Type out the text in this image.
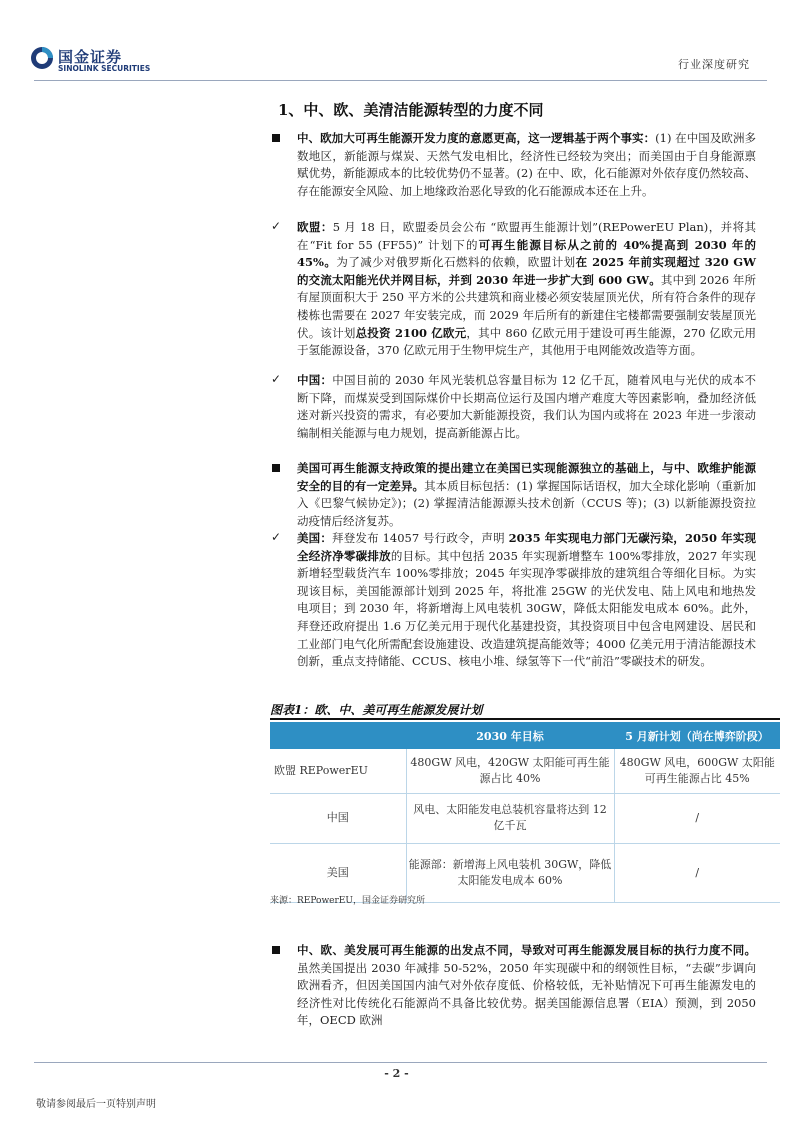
国金证券
SINOLINK SECURITIES	行业深度研究
1、中、欧、美清洁能源转型的力度不同
中、欧加大可再生能源开发力度的意愿更高，这一逻辑基于两个事实：(1) 在中国及欧洲多数地区，新能源与煤炭、天然气发电相比，经济性已经较为突出；而美国由于自身能源禀赋优势，新能源成本的比较优势仍不显著。(2) 在中、欧，化石能源对外依存度仍然较高、存在能源安全风险、加上地缘政治恶化导致的化石能源成本还在上升。
✓	欧盟：5 月 18 日，欧盟委员会公布 “欧盟再生能源计划”(REPowerEU Plan)，并将其在“Fit for 55 (FF55)” 计划下的可再生能源目标从之前的 40%提高到 2030 年的 45%。为了减少对俄罗斯化石燃料的依赖，欧盟计划在 2025 年前实现超过 320 GW 的交流太阳能光伏并网目标，并到 2030 年进一步扩大到 600 GW。其中到 2026 年所有屋顶面积大于 250 平方米的公共建筑和商业楼必须安装屋顶光伏，所有符合条件的现存楼栋也需要在 2027 年安装完成，而 2029 年后所有的新建住宅楼都需要强制安装屋顶光伏。该计划总投资 2100 亿欧元，其中 860 亿欧元用于建设可再生能源，270 亿欧元用于氢能源设备，370 亿欧元用于生物甲烷生产，其他用于电网能效改造等方面。
✓	中国：中国目前的 2030 年风光装机总容量目标为 12 亿千瓦，随着风电与光伏的成本不断下降，而煤炭受到国际煤价中长期高位运行及国内增产难度大等因素影响，叠加经济低迷对新兴投资的需求，有必要加大新能源投资，我们认为国内或将在 2023 年进一步滚动编制相关能源与电力规划，提高新能源占比。
美国可再生能源支持政策的提出建立在美国已实现能源独立的基础上，与中、欧维护能源安全的目的有一定差异。其本质目标包括：(1) 掌握国际话语权，加大全球化影响（重新加入《巴黎气候协定》)；(2) 掌握清洁能源源头技术创新（CCUS 等)；(3) 以新能源投资拉动疫情后经济复苏。
✓	美国：拜登发布 14057 号行政令，声明 2035 年实现电力部门无碳污染，2050 年实现全经济净零碳排放的目标。其中包括 2035 年实现新增整车 100%零排放，2027 年实现新增轻型载货汽车 100%零排放；2045 年实现净零碳排放的建筑组合等细化目标。为实现该目标，美国能源部计划到 2025 年，将批准 25GW 的光伏发电、陆上风电和地热发电项目；到 2030 年，将新增海上风电装机 30GW，降低太阳能发电成本 60%。此外，拜登还政府提出 1.6 万亿美元用于现代化基建投资，其投资项目中包含电网建设、居民和工业部门电气化所需配套设施建设、改造建筑提高能效等；4000 亿美元用于清洁能源技术创新，重点支持储能、CCUS、核电小堆、绿氢等下一代“前沿”零碳技术的研发。
图表1：欧、中、美可再生能源发展计划
	2030 年目标	5 月新计划（尚在博弈阶段）
欧盟 REPowerEU	480GW 风电，420GW 太阳能可再生能源占比 40%	480GW 风电，600GW 太阳能可再生能源占比 45%
中国	风电、太阳能发电总装机容量将达到 12 亿千瓦	/
美国	能源部：新增海上风电装机 30GW，降低太阳能发电成本 60%	/
来源：REPowerEU，国金证券研究所
中、欧、美发展可再生能源的出发点不同，导致对可再生能源发展目标的执行力度不同。虽然美国提出 2030 年减排 50-52%，2050 年实现碳中和的纲领性目标，“去碳”步调向欧洲看齐，但因美国国内油气对外依存度低、价格较低，无补贴情况下可再生能源发电的经济性对比传统化石能源尚不具备比较优势。据美国能源信息署（EIA）预测，到 2050 年，OECD 欧洲
- 2 -
敬请参阅最后一页特别声明
